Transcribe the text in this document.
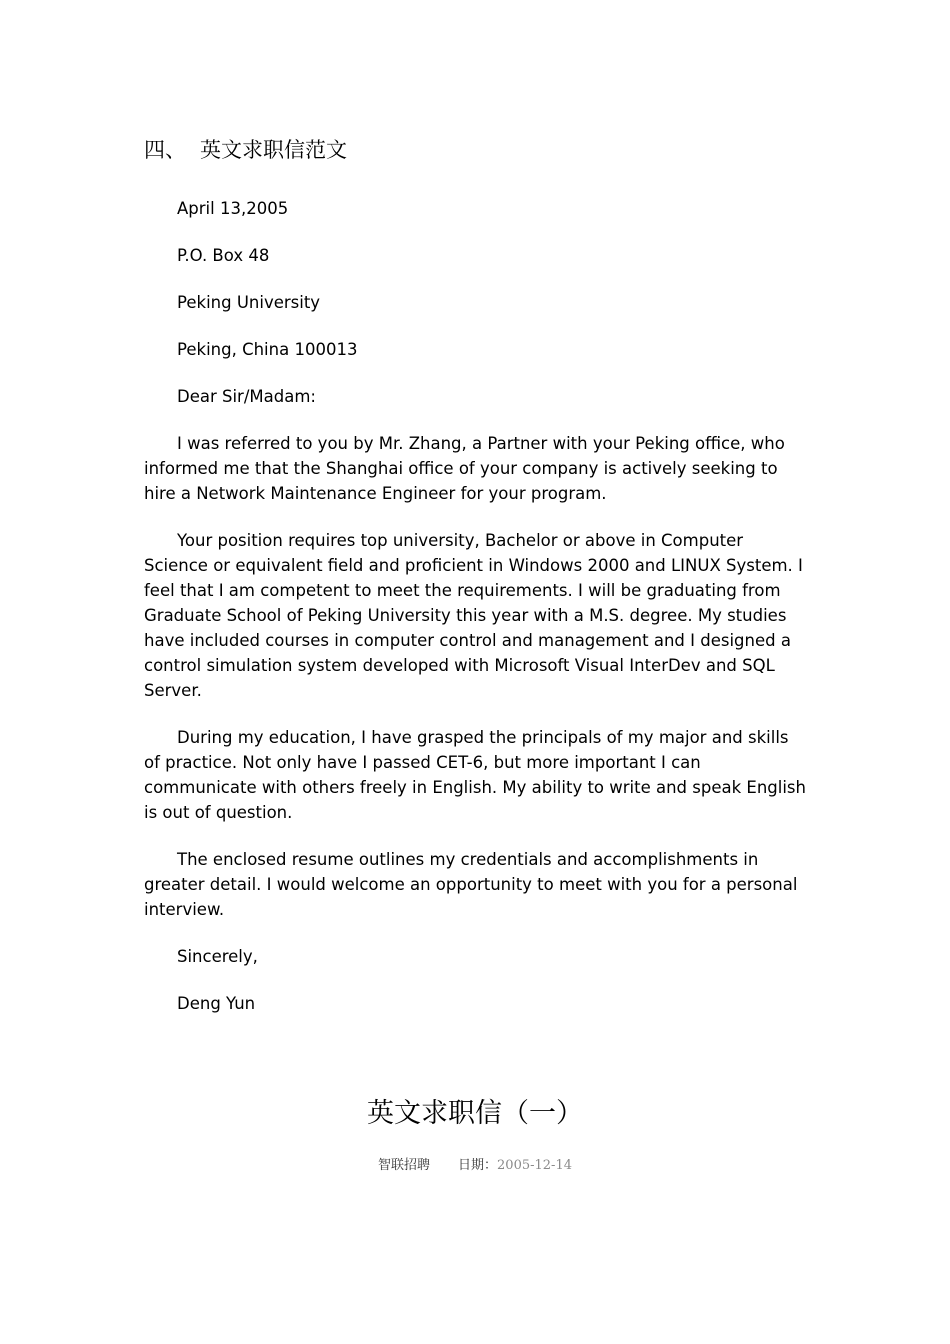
四、 英文求职信范文

April 13,2005

P.O. Box 48

Peking University

Peking, China 100013

Dear Sir/Madam:

I was referred to you by Mr. Zhang, a Partner with your Peking office, who informed me that the Shanghai office of your company is actively seeking to hire a Network Maintenance Engineer for your program.

Your position requires top university, Bachelor or above in Computer Science or equivalent field and proficient in Windows 2000 and LINUX System. I feel that I am competent to meet the requirements. I will be graduating from Graduate School of Peking University this year with a M.S. degree. My studies have included courses in computer control and management and I designed a control simulation system developed with Microsoft Visual InterDev and SQL Server.

During my education, I have grasped the principals of my major and skills of practice. Not only have I passed CET-6, but more important I can communicate with others freely in English. My ability to write and speak English is out of question.

The enclosed resume outlines my credentials and accomplishments in greater detail. I would welcome an opportunity to meet with you for a personal interview.

Sincerely,

Deng Yun

英文求职信（一）
智联招聘 日期：2005-12-14
